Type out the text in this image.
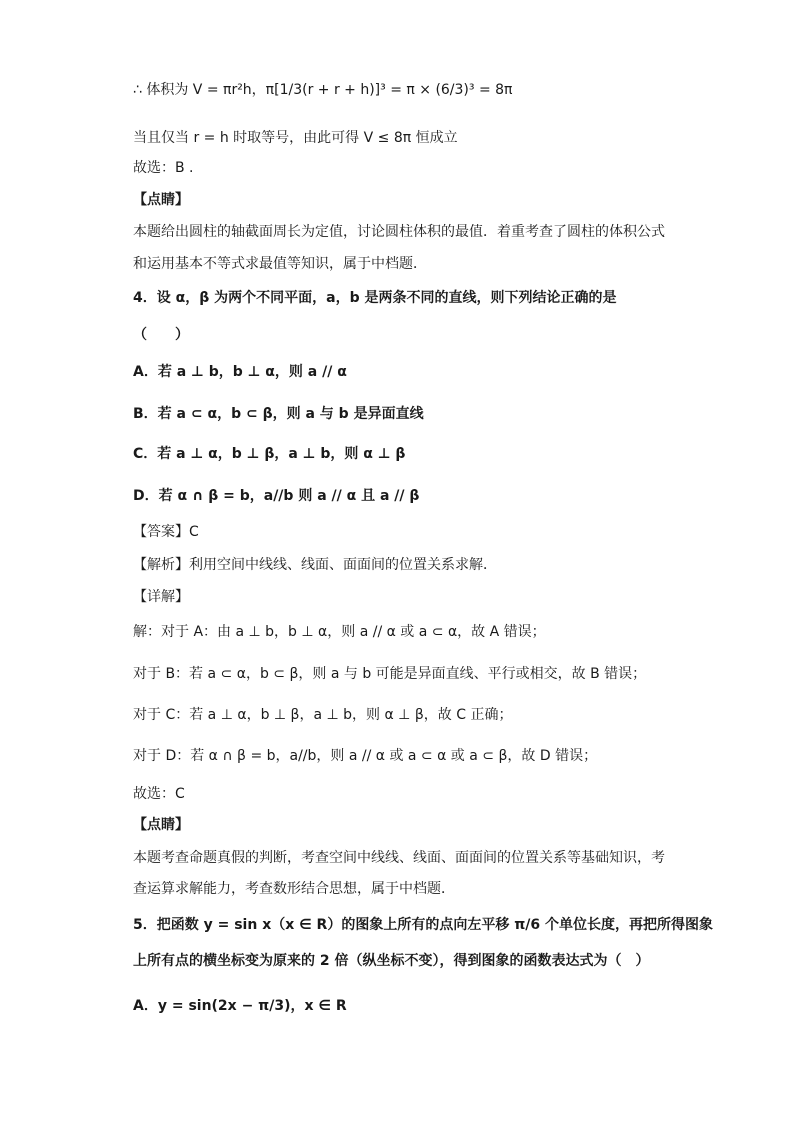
∴ 体积为 V = πr²h，π[1/3(r + r + h)]³ = π × (6/3)³ = 8π
当且仅当 r = h 时取等号，由此可得 V ≤ 8π 恒成立
故选：B .
【点睛】
本题给出圆柱的轴截面周长为定值，讨论圆柱体积的最值．着重考查了圆柱的体积公式
和运用基本不等式求最值等知识，属于中档题．
4．设 α，β 为两个不同平面，a，b 是两条不同的直线，则下列结论正确的是
（　　）
A．若 a ⊥ b，b ⊥ α，则 a // α
B．若 a ⊂ α，b ⊂ β，则 a 与 b 是异面直线
C．若 a ⊥ α，b ⊥ β，a ⊥ b，则 α ⊥ β
D．若 α ∩ β = b，a//b 则 a // α 且 a // β
【答案】C
【解析】利用空间中线线、线面、面面间的位置关系求解．
【详解】
解：对于 A：由 a ⊥ b，b ⊥ α，则 a // α 或 a ⊂ α，故 A 错误；
对于 B：若 a ⊂ α，b ⊂ β，则 a 与 b 可能是异面直线、平行或相交，故 B 错误；
对于 C：若 a ⊥ α，b ⊥ β，a ⊥ b，则 α ⊥ β，故 C 正确；
对于 D：若 α ∩ β = b，a//b，则 a // α 或 a ⊂ α 或 a ⊂ β，故 D 错误；
故选：C
【点睛】
本题考查命题真假的判断，考查空间中线线、线面、面面间的位置关系等基础知识，考
查运算求解能力，考查数形结合思想，属于中档题．
5．把函数 y = sin x（x ∈ R）的图象上所有的点向左平移 π/6 个单位长度，再把所得图象
上所有点的横坐标变为原来的 2 倍（纵坐标不变），得到图象的函数表达式为（　）
A．y = sin(2x − π/3)，x ∈ R
